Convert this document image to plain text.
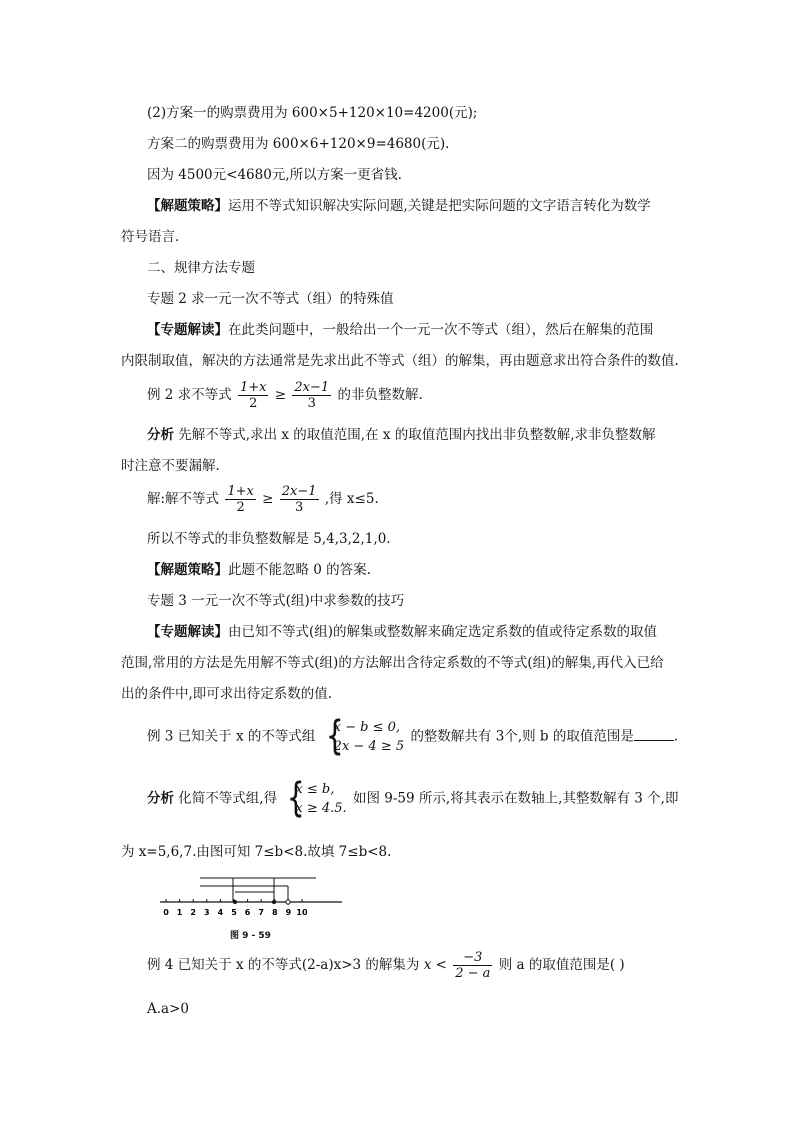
(2)方案一的购票费用为 600×5+120×10=4200(元);
方案二的购票费用为 600×6+120×9=4680(元).
因为 4500元<4680元,所以方案一更省钱.
【解题策略】运用不等式知识解决实际问题,关键是把实际问题的文字语言转化为数学
符号语言.
二、规律方法专题
专题 2 求一元一次不等式（组）的特殊值
【专题解读】在此类问题中，一般给出一个一元一次不等式（组），然后在解集的范围
内限制取值，解决的方法通常是先求出此不等式（组）的解集，再由题意求出符合条件的数值.
例 2 求不等式 $\frac{1+x}{2} \ge \frac{2x-1}{3}$ 的非负整数解.
分析 先解不等式,求出 x 的取值范围,在 x 的取值范围内找出非负整数解,求非负整数解
时注意不要漏解.
解:解不等式 $\frac{1+x}{2} \ge \frac{2x-1}{3}$ ,得 x≤5.
所以不等式的非负整数解是 5,4,3,2,1,0.
【解题策略】此题不能忽略 0 的答案.
专题 3 一元一次不等式(组)中求参数的技巧
【专题解读】由已知不等式(组)的解集或整数解来确定选定系数的值或待定系数的取值
范围,常用的方法是先用解不等式(组)的方法解出含待定系数的不等式(组)的解集,再代入已给
出的条件中,即可求出待定系数的值.
例 3 已知关于 x 的不等式组 {
x − b ≤ 0,
2x − 4 ≥ 5
的整数解共有 3个,则 b 的取值范围是	.
分析 化简不等式组,得 {
x ≤ b,
x ≥ 4.5.
如图 9-59 所示,将其表示在数轴上,其整数解有 3 个,即
为 x=5,6,7.由图可知 7≤b<8.故填 7≤b<8.
0 1 2 3 4 5 6 7 8 9 10
图 9 - 59
例 4 已知关于 x 的不等式(2-a)x>3 的解集为 $x < \frac{-3}{2 - a}$ 则 a 的取值范围是( )
A.a>0
